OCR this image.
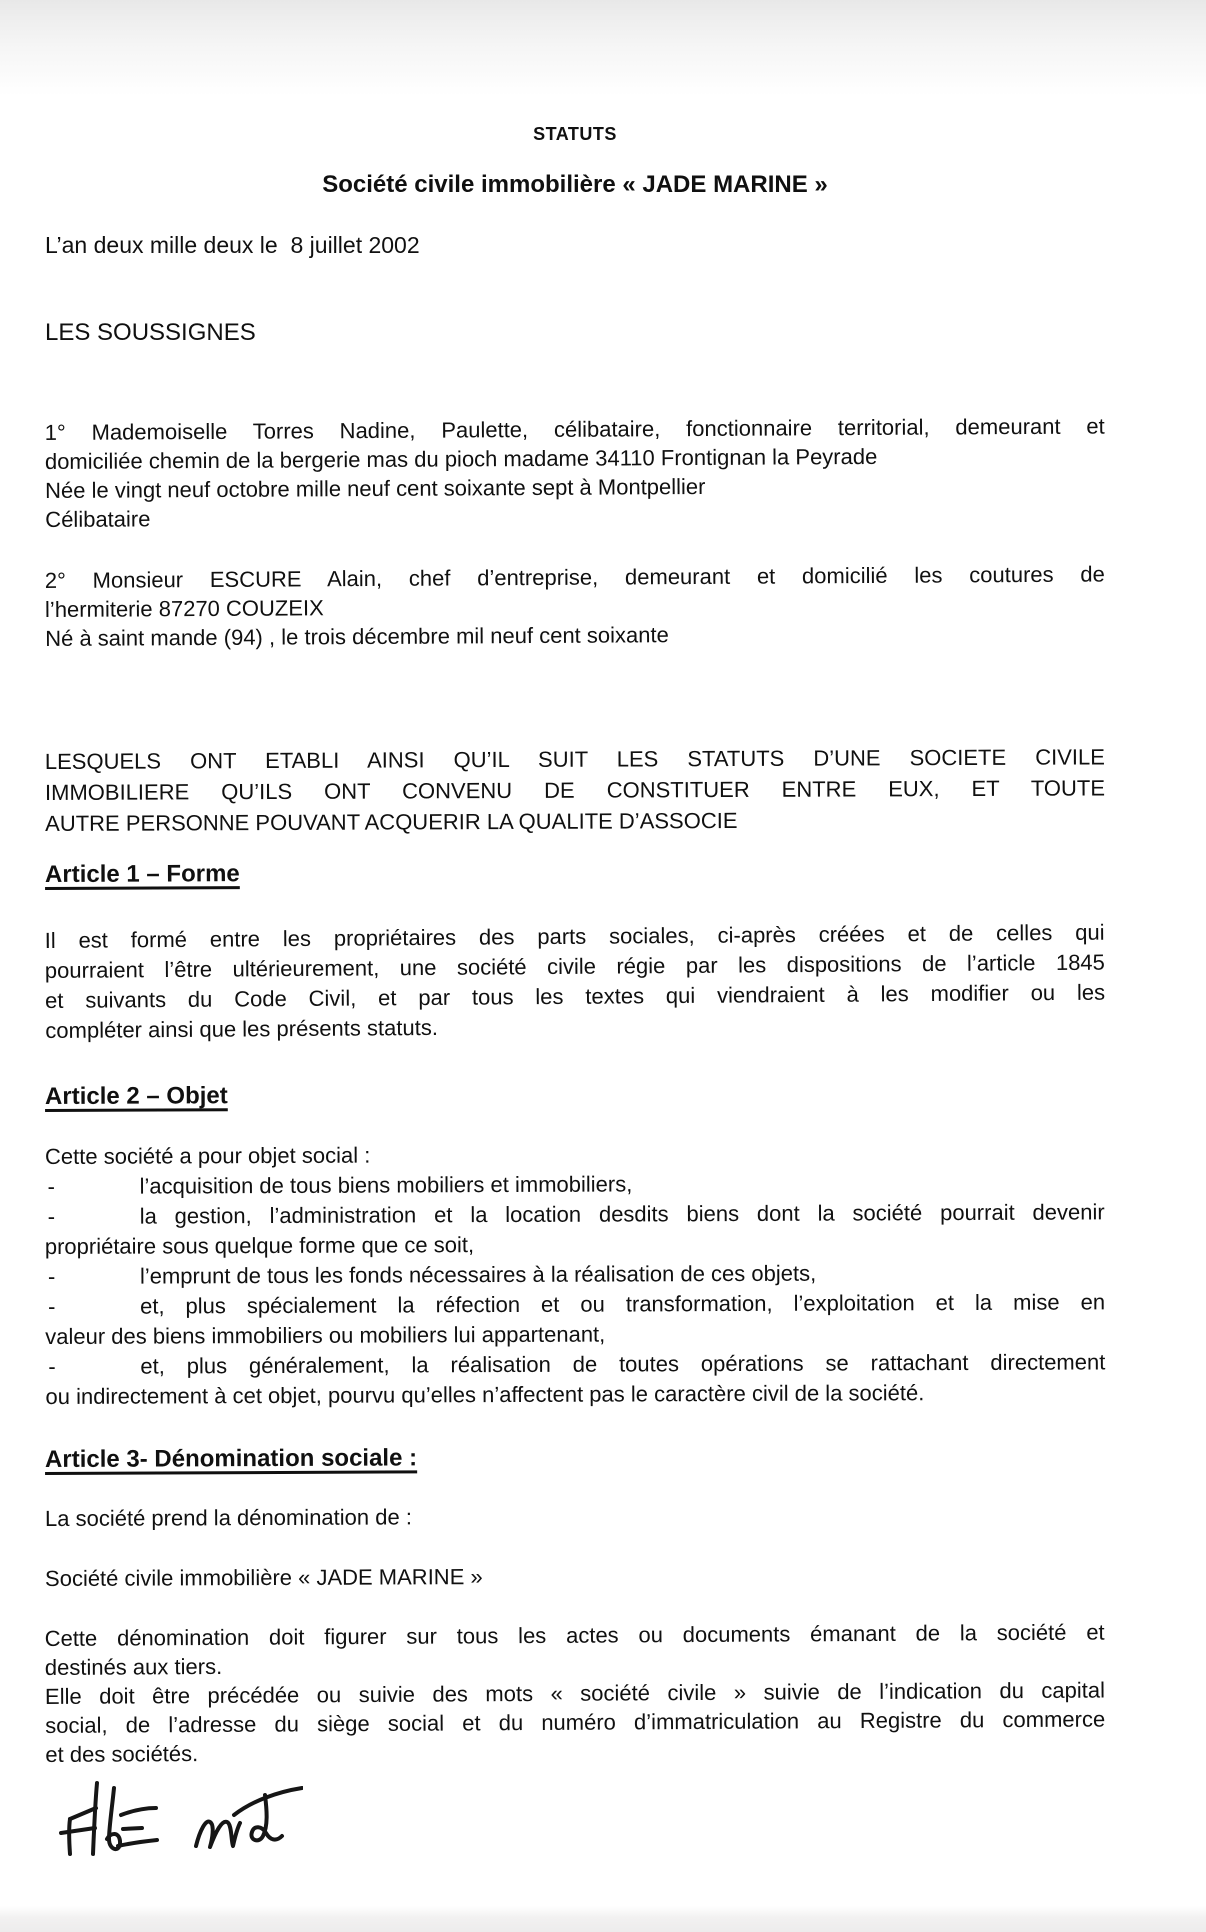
STATUTS
Société civile immobilière « JADE MARINE »
L’an deux mille deux le  8 juillet 2002
LES SOUSSIGNES
1° Mademoiselle Torres Nadine, Paulette, célibataire, fonctionnaire territorial, demeurant et
domiciliée chemin de la bergerie mas du pioch madame 34110 Frontignan la Peyrade
Née le vingt neuf octobre mille neuf cent soixante sept à Montpellier
Célibataire
2° Monsieur ESCURE Alain, chef d’entreprise, demeurant et domicilié les coutures de
l’hermiterie 87270 COUZEIX
Né à saint mande (94) , le trois décembre mil neuf cent soixante
LESQUELS ONT ETABLI AINSI QU’IL SUIT LES STATUTS D’UNE SOCIETE CIVILE
IMMOBILIERE QU’ILS ONT CONVENU DE CONSTITUER ENTRE EUX, ET TOUTE
AUTRE PERSONNE POUVANT ACQUERIR LA QUALITE D’ASSOCIE
Article 1 – Forme
Il est formé entre les propriétaires des parts sociales, ci-après créées et de celles qui
pourraient l’être ultérieurement, une société civile régie par les dispositions de l’article 1845
et suivants du Code Civil, et par tous les textes qui viendraient à les modifier ou les
compléter ainsi que les présents statuts.
Article 2 – Objet
Cette société a pour objet social :
-	l’acquisition de tous biens mobiliers et immobiliers,
-	la gestion, l’administration et la location desdits biens dont la société pourrait devenir
propriétaire sous quelque forme que ce soit,
-	l’emprunt de tous les fonds nécessaires à la réalisation de ces objets,
-	et, plus spécialement la réfection et ou transformation, l’exploitation et la mise en
valeur des biens immobiliers ou mobiliers lui appartenant,
-	et, plus généralement, la réalisation de toutes opérations se rattachant directement
ou indirectement à cet objet, pourvu qu’elles n’affectent pas le caractère civil de la société.
Article 3- Dénomination sociale :
La société prend la dénomination de :
Société civile immobilière « JADE MARINE »
Cette dénomination doit figurer sur tous les actes ou documents émanant de la société et
destinés aux tiers.
Elle doit être précédée ou suivie des mots « société civile » suivie de l’indication du capital
social, de l’adresse du siège social et du numéro d’immatriculation au Registre du commerce
et des sociétés.
